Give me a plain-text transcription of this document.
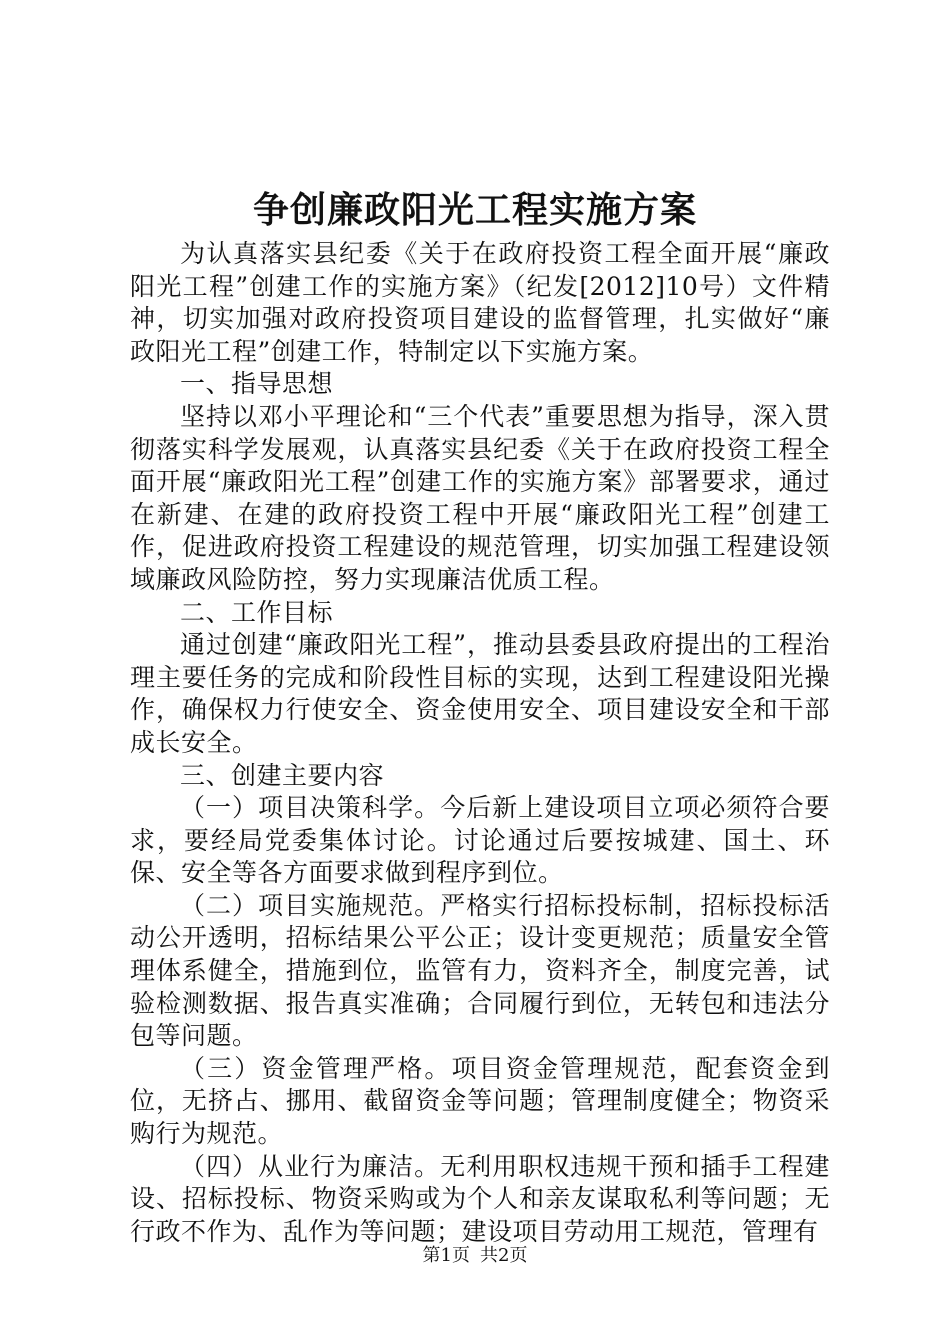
争创廉政阳光工程实施方案

为认真落实县纪委《关于在政府投资工程全面开展“廉政阳光工程”创建工作的实施方案》（纪发[2012]10号）文件精神，切实加强对政府投资项目建设的监督管理，扎实做好“廉政阳光工程”创建工作，特制定以下实施方案。

一、指导思想

坚持以邓小平理论和“三个代表”重要思想为指导，深入贯彻落实科学发展观，认真落实县纪委《关于在政府投资工程全面开展“廉政阳光工程”创建工作的实施方案》部署要求，通过在新建、在建的政府投资工程中开展“廉政阳光工程”创建工作，促进政府投资工程建设的规范管理，切实加强工程建设领域廉政风险防控，努力实现廉洁优质工程。

二、工作目标

通过创建“廉政阳光工程”，推动县委县政府提出的工程治理主要任务的完成和阶段性目标的实现，达到工程建设阳光操作，确保权力行使安全、资金使用安全、项目建设安全和干部成长安全。

三、创建主要内容

（一）项目决策科学。今后新上建设项目立项必须符合要求，要经局党委集体讨论。讨论通过后要按城建、国土、环保、安全等各方面要求做到程序到位。

（二）项目实施规范。严格实行招标投标制，招标投标活动公开透明，招标结果公平公正；设计变更规范；质量安全管理体系健全，措施到位，监管有力，资料齐全，制度完善，试验检测数据、报告真实准确；合同履行到位，无转包和违法分包等问题。

（三）资金管理严格。项目资金管理规范，配套资金到位，无挤占、挪用、截留资金等问题；管理制度健全；物资采购行为规范。

（四）从业行为廉洁。无利用职权违规干预和插手工程建设、招标投标、物资采购或为个人和亲友谋取私利等问题；无行政不作为、乱作为等问题；建设项目劳动用工规范，管理有

第1页 共2页
